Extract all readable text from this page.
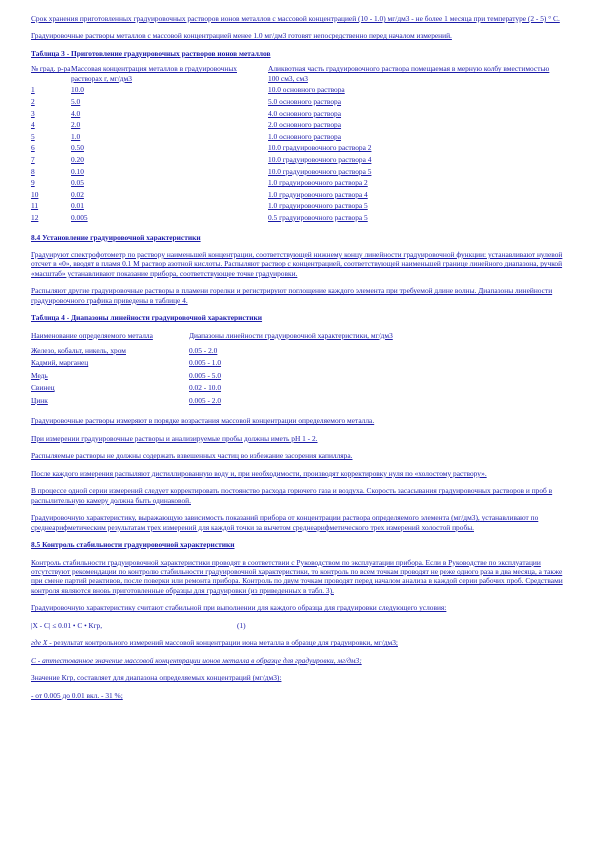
Срок хранения приготовленных градуировочных растворов ионов металлов с массовой концентрацией (10 - 1.0) мг/дм3 - не более 1 месяца при температуре (2 - 5) ° С.

Градуировочные растворы металлов с массовой концентрацией менее 1.0 мг/дм3 готовят непосредственно перед началом измерений.

Таблица 3 - Приготовление градуировочных растворов ионов металлов
№ град. р-ра	Массовая концентрация металлов в градуировочных растворах г, мг/дм3	Аликвотная часть градуировочного раствора помещаемая в мерную колбу вместимостью 100 см3, см3
1	10.0	10.0 основного раствора
2	5.0	5.0 основного раствора
3	4.0	4.0 основного раствора
4	2.0	2.0 основного раствора
5	1.0	1.0 основного раствора
6	0.50	10.0 градуировочного раствора 2
7	0.20	10.0 градуировочного раствора 4
8	0.10	10.0 градуировочного раствора 5
9	0.05	1.0 градуировочного раствора 2
10	0.02	1.0 градуировочного раствора 4
11	0.01	1.0 градуировочного раствора 5
12	0.005	0.5 градуировочного раствора 5
8.4 Установление градуировочной характеристики

Градуируют спектрофотометр по раствору наименьшей концентрации, соответствующей нижнему концу линейности градуировочной функции: устанавливают нулевой отсчет в «0», вводят в пламя 0.1 М раствор азотной кислоты. Распыляют раствор с концентрацией, соответствующей наименьшей границе линейного диапазона, ручкой «масштаб» устанавливают показание прибора, соответствующее точке градуировки.

Распыляют другие градуировочные растворы в пламени горелки и регистрируют поглощение каждого элемента при требуемой длине волны. Диапазоны линейности градуировочного графика приведены в таблице 4.

Таблица 4 - Диапазоны линейности градуировочной характеристики
Наименование определяемого металла	Диапазоны линейности градуировочной характеристики, мг/дм3
Железо, кобальт, никель, хром	0.05 - 2.0
Кадмий, марганец	0.005 - 1.0
Медь	0.005 - 5.0
Свинец	0.02 - 10.0
Цинк	0.005 - 2.0

Градуировочные растворы измеряют в порядке возрастания массовой концентрации определяемого металла.

При измерении градуировочные растворы и анализируемые пробы должны иметь рН 1 - 2.

Распыляемые растворы не должны содержать взвешенных частиц во избежание засорения капилляра.

После каждого измерения распыляют дистиллированную воду и, при необходимости, производят корректировку нуля по «холостому раствору».

В процессе одной серии измерений следует корректировать постоянство расхода горючего газа и воздуха. Скорость засасывания градуировочных растворов и проб в распылительную камеру должна быть одинаковой.

Градуировочную характеристику, выражающую зависимость показаний прибора от концентрации раствора определяемого элемента (мг/дм3), устанавливают по среднеарифметическим результатам трех измерений для каждой точки за вычетом среднеарифметического трех измерений холостой пробы.

8.5 Контроль стабильности градуировочной характеристики

Контроль стабильности градуировочной характеристики проводят в соответствии с Руководством по эксплуатации прибора. Если в Руководстве по эксплуатации отсутствуют рекомендации по контролю стабильности градуировочной характеристики, то контроль по всем точкам проводят не реже одного раза в два месяца, а также при смене партий реактивов, после поверки или ремонта прибора. Контроль по двум точкам проводят перед началом анализа в каждой серии рабочих проб. Средствами контроля являются вновь приготовленные образцы для градуировки (из приведенных в табл. 3).

Градуировочную характеристику считают стабильной при выполнении для каждого образца для градуировки следующего условия:

|X - С| ≤ 0.01 • С • Кгр,	(1)

где Х - результат контрольного измерений массовой концентрации иона металла в образце для градуировки, мг/дм3;

С - аттестованное значение массовой концентрации ионов металла в образце для градуировки, мг/дм3;

Значение Кгр, составляет для диапазона определяемых концентраций (мг/дм3):

- от 0.005 до 0.01 вкл. - 31 %;
